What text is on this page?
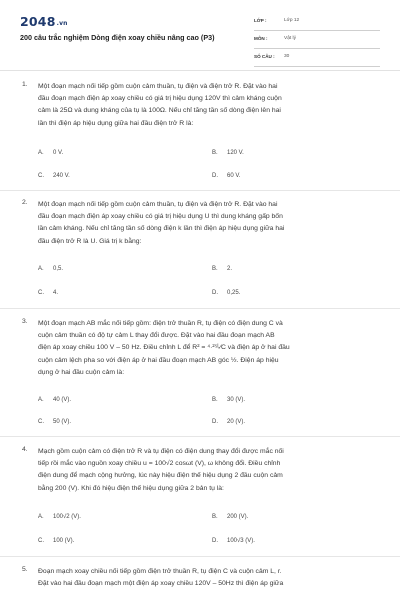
2048.vn
200 câu trắc nghiệm Dòng điện xoay chiều nâng cao (P3)
LỚP :	Lớp 12
MÔN :	Vật lý
SỐ CÂU : 30
1. Một đoạn mạch nối tiếp gồm cuộn cảm thuần, tụ điện và điện trở R. Đặt vào hai
đầu đoạn mạch điện áp xoay chiều có giá trị hiệu dụng 120V thì cảm kháng cuộn
cảm là 25Ω và dung kháng của tụ là 100Ω. Nếu chỉ tăng tần số dòng điện lên hai
lần thì điện áp hiệu dụng giữa hai đầu điện trở R là:
A. 0 V.	B. 120 V.
C. 240 V.	D. 60 V.
2. Một đoạn mạch nối tiếp gồm cuộn cảm thuần, tụ điện và điện trở R. Đặt vào hai
đầu đoạn mạch điện áp xoay chiều có giá trị hiệu dụng U thì dung kháng gấp bốn
lần cảm kháng. Nếu chỉ tăng tần số dòng điện k lần thì điện áp hiệu dụng giữa hai
đầu điện trở R là U. Giá trị k bằng:
A. 0,5.	B. 2.
C. 4.	D. 0,25.
3. Một đoạn mạch AB mắc nối tiếp gồm: điện trở thuần R, tụ điện có điện dung C và
cuộn cảm thuần có độ tự cảm L thay đổi được. Đặt vào hai đầu đoạn mạch AB
điện áp xoay chiều 100 V – 50 Hz. Điều chỉnh L để R² = ⁴·²⁵ᴸ⁄C và điện áp ở hai đầu
cuộn cảm lệch pha so với điện áp ở hai đầu đoạn mạch AB góc ½. Điện áp hiệu
dụng ở hai đầu cuộn cảm là:
A. 40 (V).	B. 30 (V).
C. 50 (V).	D. 20 (V).
4. Mạch gồm cuộn cảm có điện trở R và tụ điện có điện dung thay đổi được mắc nối
tiếp rồi mắc vào nguồn xoay chiều u = 100√2 cosωt (V), ω không đổi. Điều chỉnh
điện dung để mạch cộng hưởng, lúc này hiệu điện thế hiệu dụng 2 đầu cuộn cảm
bằng 200 (V). Khi đó hiệu điện thế hiệu dụng giữa 2 bản tụ là:
A. 100√2 (V).	B. 200 (V).
C. 100 (V).	D. 100√3 (V).
5. Đoạn mạch xoay chiều nối tiếp gồm điện trở thuần R, tụ điện C và cuộn cảm L, r.
Đặt vào hai đầu đoạn mạch một điện áp xoay chiều 120V – 50Hz thì điện áp giữa
